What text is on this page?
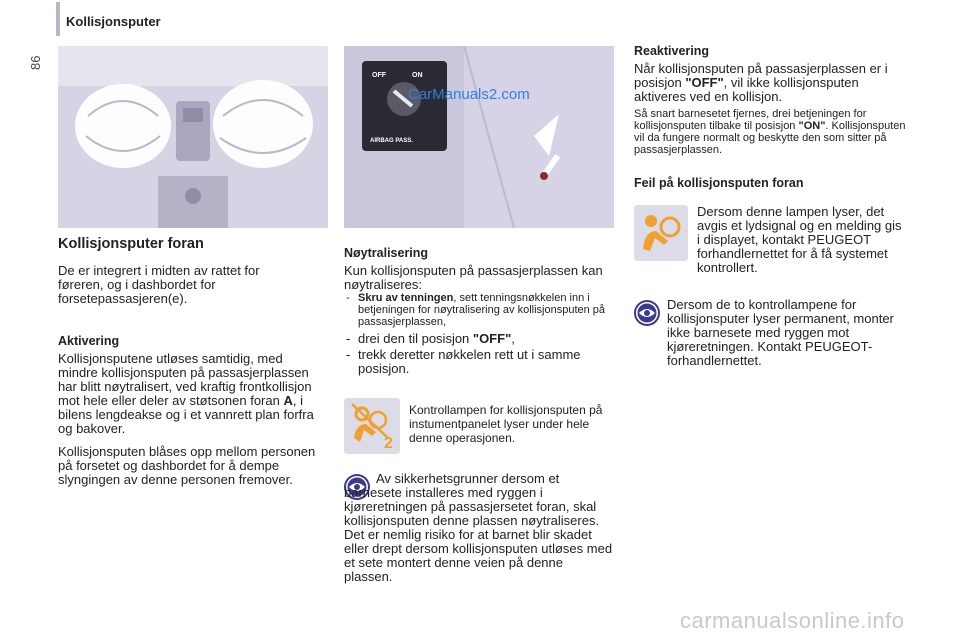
86
Kollisjonsputer
Kollisjonsputer foran
De er integrert i midten av rattet for føreren, og i dashbordet for forsetepassasjeren(e).
Aktivering
Kollisjonsputene utløses samtidig, med mindre kollisjonsputen på passasjerplassen har blitt nøytralisert, ved kraftig frontkollisjon mot hele eller deler av støtsonen foran A, i bilens lengdeakse og i et vannrett plan forfra og bakover.
Kollisjonsputen blåses opp mellom personen på forsetet og dashbordet for å dempe slyngingen av denne personen fremover.
OFF	ON
AIRBAG PASS.
CarManuals2.com
Nøytralisering
Kun kollisjonsputen på passasjerplassen kan nøytraliseres:
- Skru av tenningen, sett tenningsnøkkelen inn i betjeningen for nøytralisering av kollisjonsputen på passasjerplassen,
- drei den til posisjon "OFF",
- trekk deretter nøkkelen rett ut i samme posisjon.
2
Kontrollampen for kollisjonsputen på instumentpanelet lyser under hele denne operasjonen.
Av sikkerhetsgrunner dersom et barnesete installeres med ryggen i kjøreretningen på passasjersetet foran, skal kollisjonsputen denne plassen nøytraliseres. Det er nemlig risiko for at barnet blir skadet eller drept dersom kollisjonsputen utløses med et sete montert denne veien på denne plassen.
Reaktivering
Når kollisjonsputen på passasjerplassen er i posisjon "OFF", vil ikke kollisjonsputen aktiveres ved en kollisjon.
Så snart barnesetet fjernes, drei betjeningen for kollisjonsputen tilbake til posisjon "ON". Kollisjonsputen vil da fungere normalt og beskytte den som sitter på passasjerplassen.
Feil på kollisjonsputen foran
Dersom denne lampen lyser, det avgis et lydsignal og en melding gis i displayet, kontakt PEUGEOT forhandlernettet for å få systemet kontrollert.
Dersom de to kontrollampene for kollisjonsputer lyser permanent, monter ikke barnesete med ryggen mot kjøreretningen. Kontakt PEUGEOT-forhandlernettet.
carmanualsonline.info
